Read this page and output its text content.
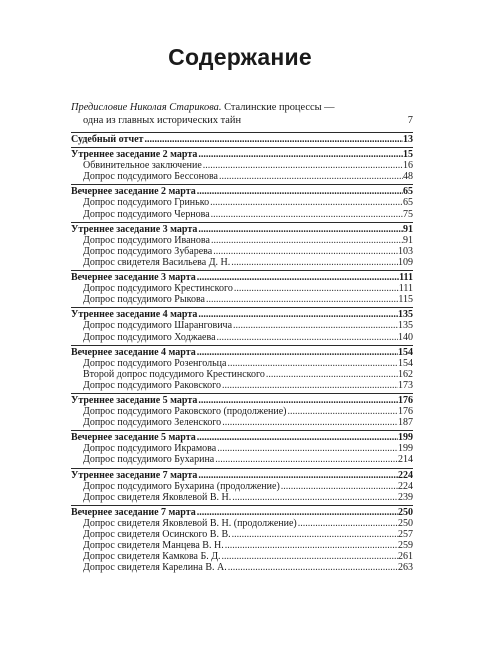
Содержание
Предисловие Николая Старикова. Сталинские процессы —
одна из главных исторических тайн	7
Судебный отчет .....	13
Утреннее заседание 2 марта .....	15
Обвинительное заключение .....	16
Допрос подсудимого Бессонова .....	48
Вечернее заседание 2 марта .....	65
Допрос подсудимого Гринько .....	65
Допрос подсудимого Чернова .....	75
Утреннее заседание 3 марта .....	91
Допрос подсудимого Иванова .....	91
Допрос подсудимого Зубарева .....	103
Допрос свидетеля Васильева Д. Н. .....	109
Вечернее заседание 3 марта .....	111
Допрос подсудимого Крестинского .....	111
Допрос подсудимого Рыкова .....	115
Утреннее заседание 4 марта .....	135
Допрос подсудимого Шаранговича .....	135
Допрос подсудимого Ходжаева .....	140
Вечернее заседание 4 марта .....	154
Допрос подсудимого Розенгольца .....	154
Второй допрос подсудимого Крестинского .....	162
Допрос подсудимого Раковского .....	173
Утреннее заседание 5 марта .....	176
Допрос подсудимого Раковского (продолжение) .....	176
Допрос подсудимого Зеленского .....	187
Вечернее заседание 5 марта .....	199
Допрос подсудимого Икрамова .....	199
Допрос подсудимого Бухарина .....	214
Утреннее заседание 7 марта .....	224
Допрос подсудимого Бухарина (продолжение) .....	224
Допрос свидетеля Яковлевой В. Н. .....	239
Вечернее заседание 7 марта .....	250
Допрос свидетеля Яковлевой В. Н. (продолжение) .....	250
Допрос свидетеля Осинского В. В. .....	257
Допрос свидетеля Манцева В. Н. .....	259
Допрос свидетеля Камкова Б. Д. .....	261
Допрос свидетеля Карелина В. А. .....	263
